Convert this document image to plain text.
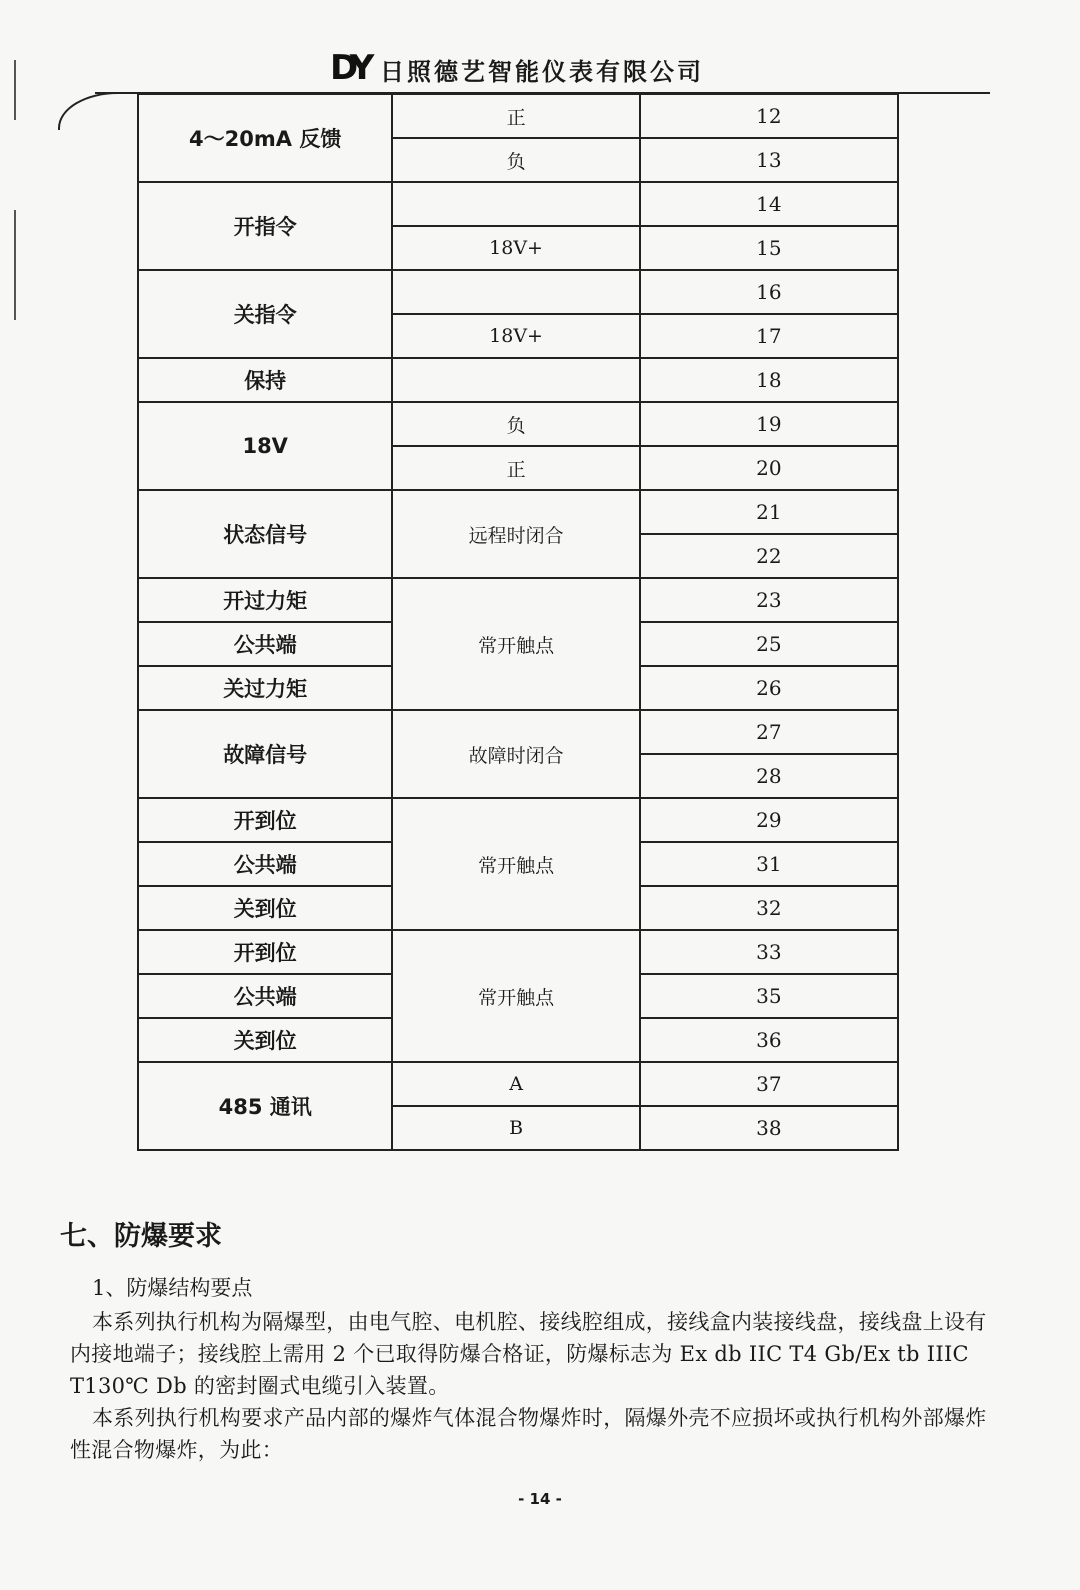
DY 日照德艺智能仪表有限公司
4～20mA 反馈	正	12
	负	13
开指令		14
	18V+	15
关指令		16
	18V+	17
保持		18
18V	负	19
	正	20
状态信号	远程时闭合	21
		22
开过力矩	常开触点	23
公共端		25
关过力矩		26
故障信号	故障时闭合	27
		28
开到位	常开触点	29
公共端		31
关到位		32
开到位	常开触点	33
公共端		35
关到位		36
485 通讯	A	37
	B	38
七、防爆要求
1、防爆结构要点
本系列执行机构为隔爆型，由电气腔、电机腔、接线腔组成，接线盒内装接线盘，接线盘上设有内接地端子；接线腔上需用 2 个已取得防爆合格证，防爆标志为 Ex db IIC T4 Gb/Ex tb IIIC T130℃ Db 的密封圈式电缆引入装置。
本系列执行机构要求产品内部的爆炸气体混合物爆炸时，隔爆外壳不应损坏或执行机构外部爆炸性混合物爆炸，为此：
- 14 -
